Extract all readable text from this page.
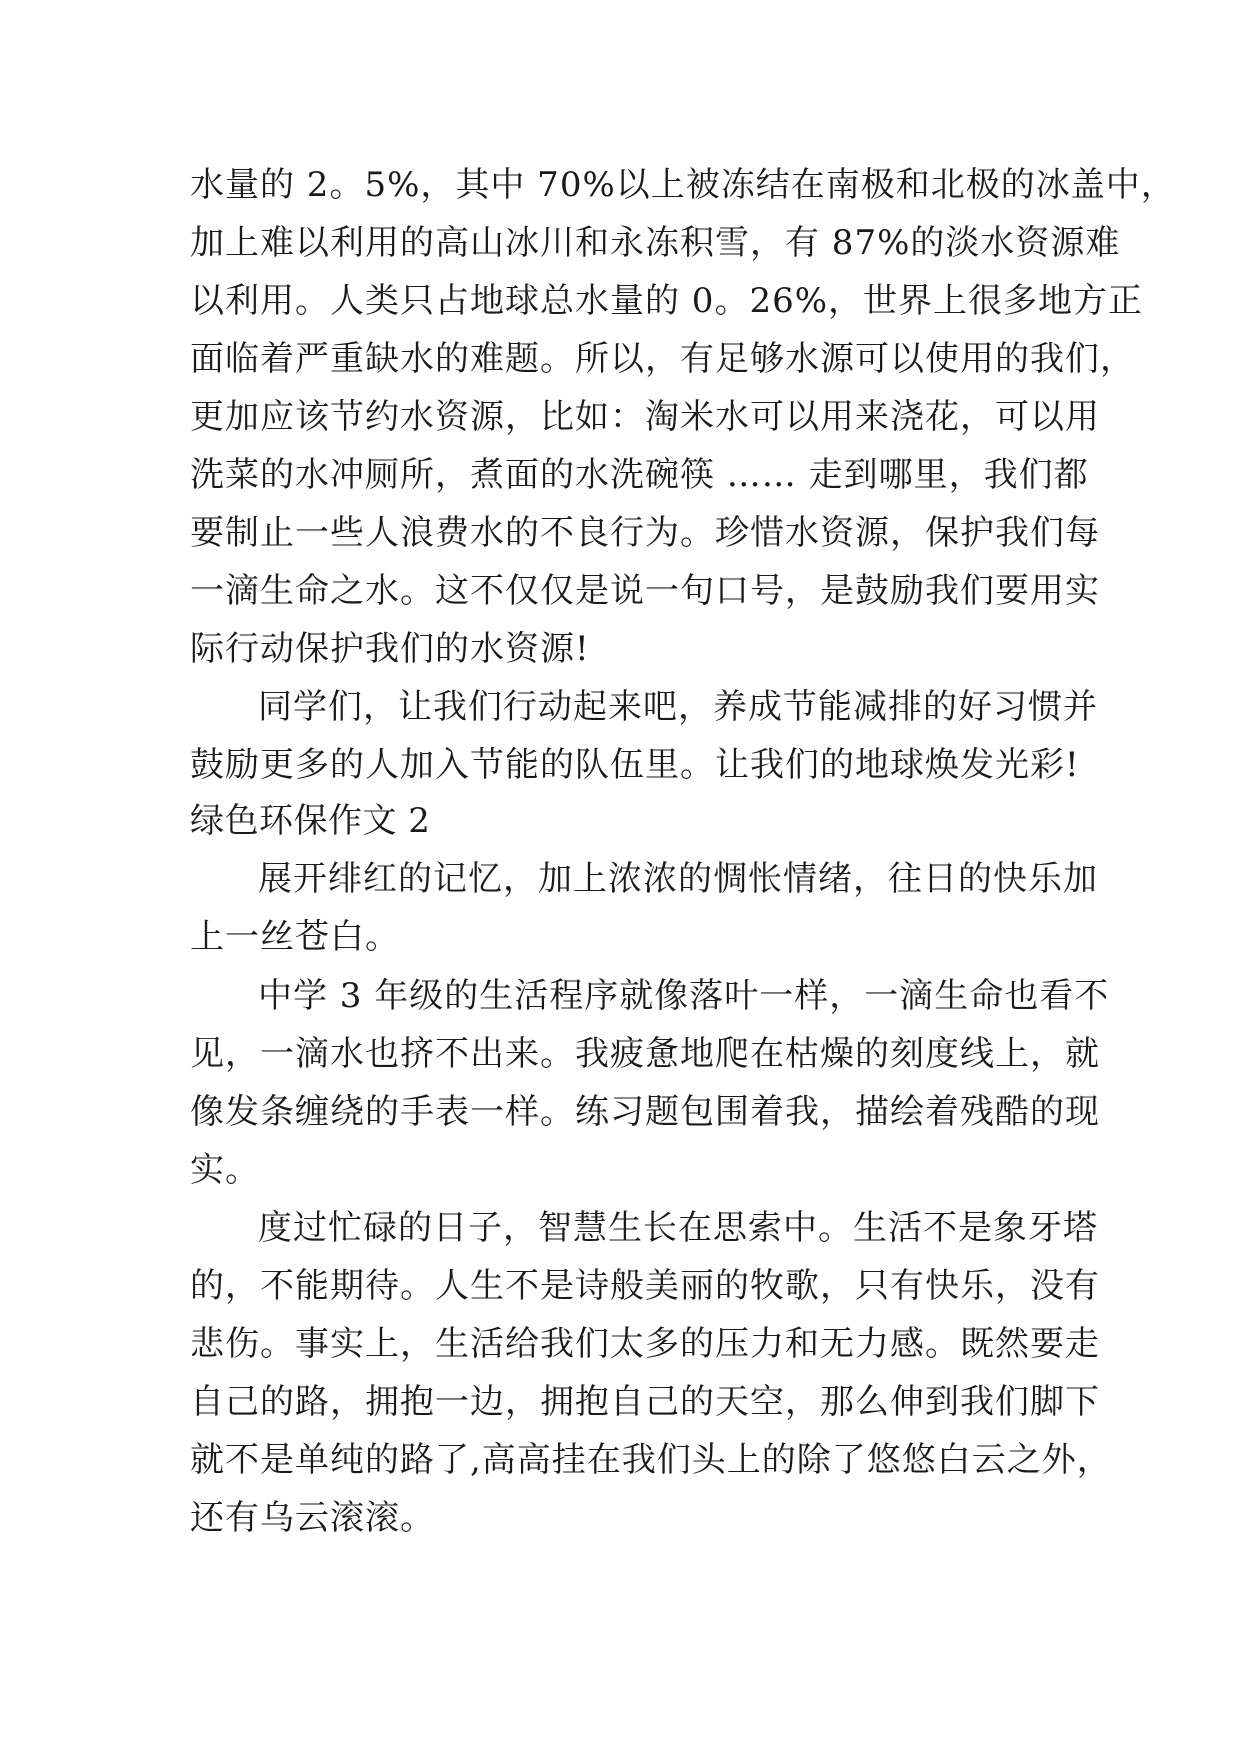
水量的 2。5%，其中 70%以上被冻结在南极和北极的冰盖中，
加上难以利用的高山冰川和永冻积雪，有 87%的淡水资源难
以利用。人类只占地球总水量的 0。26%，世界上很多地方正
面临着严重缺水的难题。所以，有足够水源可以使用的我们，
更加应该节约水资源，比如：淘米水可以用来浇花，可以用
洗菜的水冲厕所，煮面的水洗碗筷 …… 走到哪里，我们都
要制止一些人浪费水的不良行为。珍惜水资源，保护我们每
一滴生命之水。这不仅仅是说一句口号，是鼓励我们要用实
际行动保护我们的水资源!
同学们，让我们行动起来吧，养成节能减排的好习惯并
鼓励更多的人加入节能的队伍里。让我们的地球焕发光彩!
绿色环保作文 2
展开绯红的记忆，加上浓浓的惆怅情绪，往日的快乐加
上一丝苍白。
中学 3 年级的生活程序就像落叶一样，一滴生命也看不
见，一滴水也挤不出来。我疲惫地爬在枯燥的刻度线上，就
像发条缠绕的手表一样。练习题包围着我，描绘着残酷的现
实。
度过忙碌的日子，智慧生长在思索中。生活不是象牙塔
的，不能期待。人生不是诗般美丽的牧歌，只有快乐，没有
悲伤。事实上，生活给我们太多的压力和无力感。既然要走
自己的路，拥抱一边，拥抱自己的天空，那么伸到我们脚下
就不是单纯的路了,高高挂在我们头上的除了悠悠白云之外，
还有乌云滚滚。
